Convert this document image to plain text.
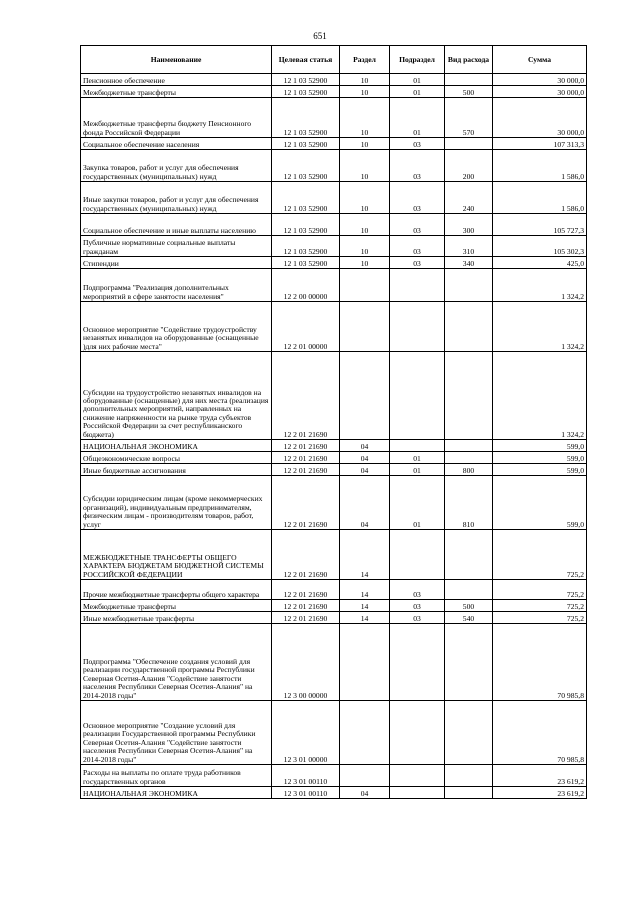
651
Наименование	Целевая статья	Раздел	Подраздел	Вид расхода	Сумма
Пенсионное обеспечение	12 1 03 52900	10	01		30 000,0
Межбюджетные трансферты	12 1 03 52900	10	01	500	30 000,0
Межбюджетные трансферты бюджету Пенсионного фонда Российской Федерации	12 1 03 52900	10	01	570	30 000,0
Социальное обеспечение населения	12 1 03 52900	10	03		107 313,3
Закупка товаров, работ и услуг для обеспечения государственных (муниципальных) нужд	12 1 03 52900	10	03	200	1 586,0
Иные закупки товаров, работ и услуг для обеспечения государственных (муниципальных) нужд	12 1 03 52900	10	03	240	1 586,0
Социальное обеспечение и иные выплаты населению	12 1 03 52900	10	03	300	105 727,3
Публичные нормативные социальные выплаты гражданам	12 1 03 52900	10	03	310	105 302,3
Стипендии	12 1 03 52900	10	03	340	425,0
Подпрограмма "Реализация дополнительных мероприятий в сфере занятости населения"	12 2 00 00000				1 324,2
Основное мероприятие "Содействие трудоустройству незанятых инвалидов на оборудованные (оснащенные )для них рабочие места"	12 2 01 00000				1 324,2
Субсидии на трудоустройство незанятых инвалидов на оборудованные (оснащенные) для них места (реализация дополнительных мероприятий, направленных на снижение напряженности на рынке труда субъектов Российской Федерации за счет республиканского бюджета)	12 2 01 21690				1 324,2
НАЦИОНАЛЬНАЯ ЭКОНОМИКА	12 2 01 21690	04			599,0
Общеэкономические вопросы	12 2 01 21690	04	01		599,0
Иные бюджетные ассигнования	12 2 01 21690	04	01	800	599,0
Субсидии юридическим лицам (кроме некоммерческих организаций), индивидуальным предпринимателям, физическим лицам - производителям товаров, работ, услуг	12 2 01 21690	04	01	810	599,0
МЕЖБЮДЖЕТНЫЕ ТРАНСФЕРТЫ ОБЩЕГО ХАРАКТЕРА БЮДЖЕТАМ БЮДЖЕТНОЙ СИСТЕМЫ РОССИЙСКОЙ ФЕДЕРАЦИИ	12 2 01 21690	14			725,2
Прочие межбюджетные трансферты общего характера	12 2 01 21690	14	03		725,2
Межбюджетные трансферты	12 2 01 21690	14	03	500	725,2
Иные межбюджетные трансферты	12 2 01 21690	14	03	540	725,2
Подпрограмма "Обеспечение создания условий для реализации государственной программы Республики Северная Осетия-Алания "Содействие занятости населения Республики Северная Осетия-Алания" на 2014-2018 годы"	12 3 00 00000				70 985,8
Основное мероприятие "Создание условий для реализации Государственной программы Республики Северная Осетия-Алания "Содействие занятости населения Республики Северная Осетия-Алания" на 2014-2018 годы"	12 3 01 00000				70 985,8
Расходы на выплаты по оплате труда работников государственных органов	12 3 01 00110				23 619,2
НАЦИОНАЛЬНАЯ ЭКОНОМИКА	12 3 01 00110	04			23 619,2
